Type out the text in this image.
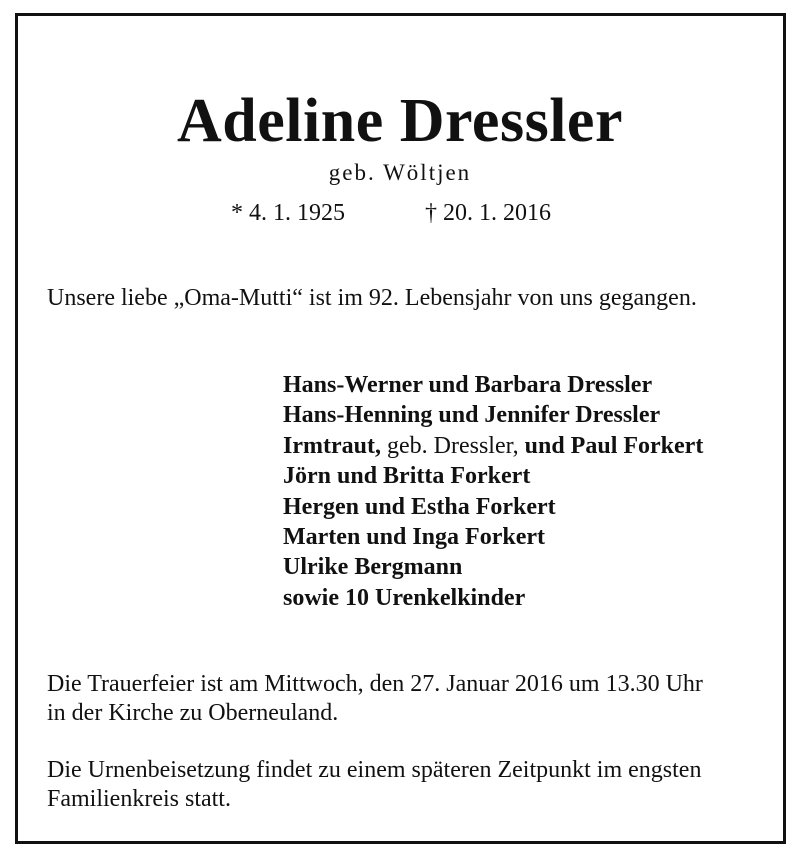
Adeline Dressler
geb. Wöltjen
* 4. 1. 1925	† 20. 1. 2016
Unsere liebe „Oma-Mutti“ ist im 92. Lebensjahr von uns gegangen.
Hans-Werner und Barbara Dressler
Hans-Henning und Jennifer Dressler
Irmtraut, geb. Dressler, und Paul Forkert
Jörn und Britta Forkert
Hergen und Estha Forkert
Marten und Inga Forkert
Ulrike Bergmann
sowie 10 Urenkelkinder
Die Trauerfeier ist am Mittwoch, den 27. Januar 2016 um 13.30 Uhr
in der Kirche zu Oberneuland.
Die Urnenbeisetzung findet zu einem späteren Zeitpunkt im engsten
Familienkreis statt.
